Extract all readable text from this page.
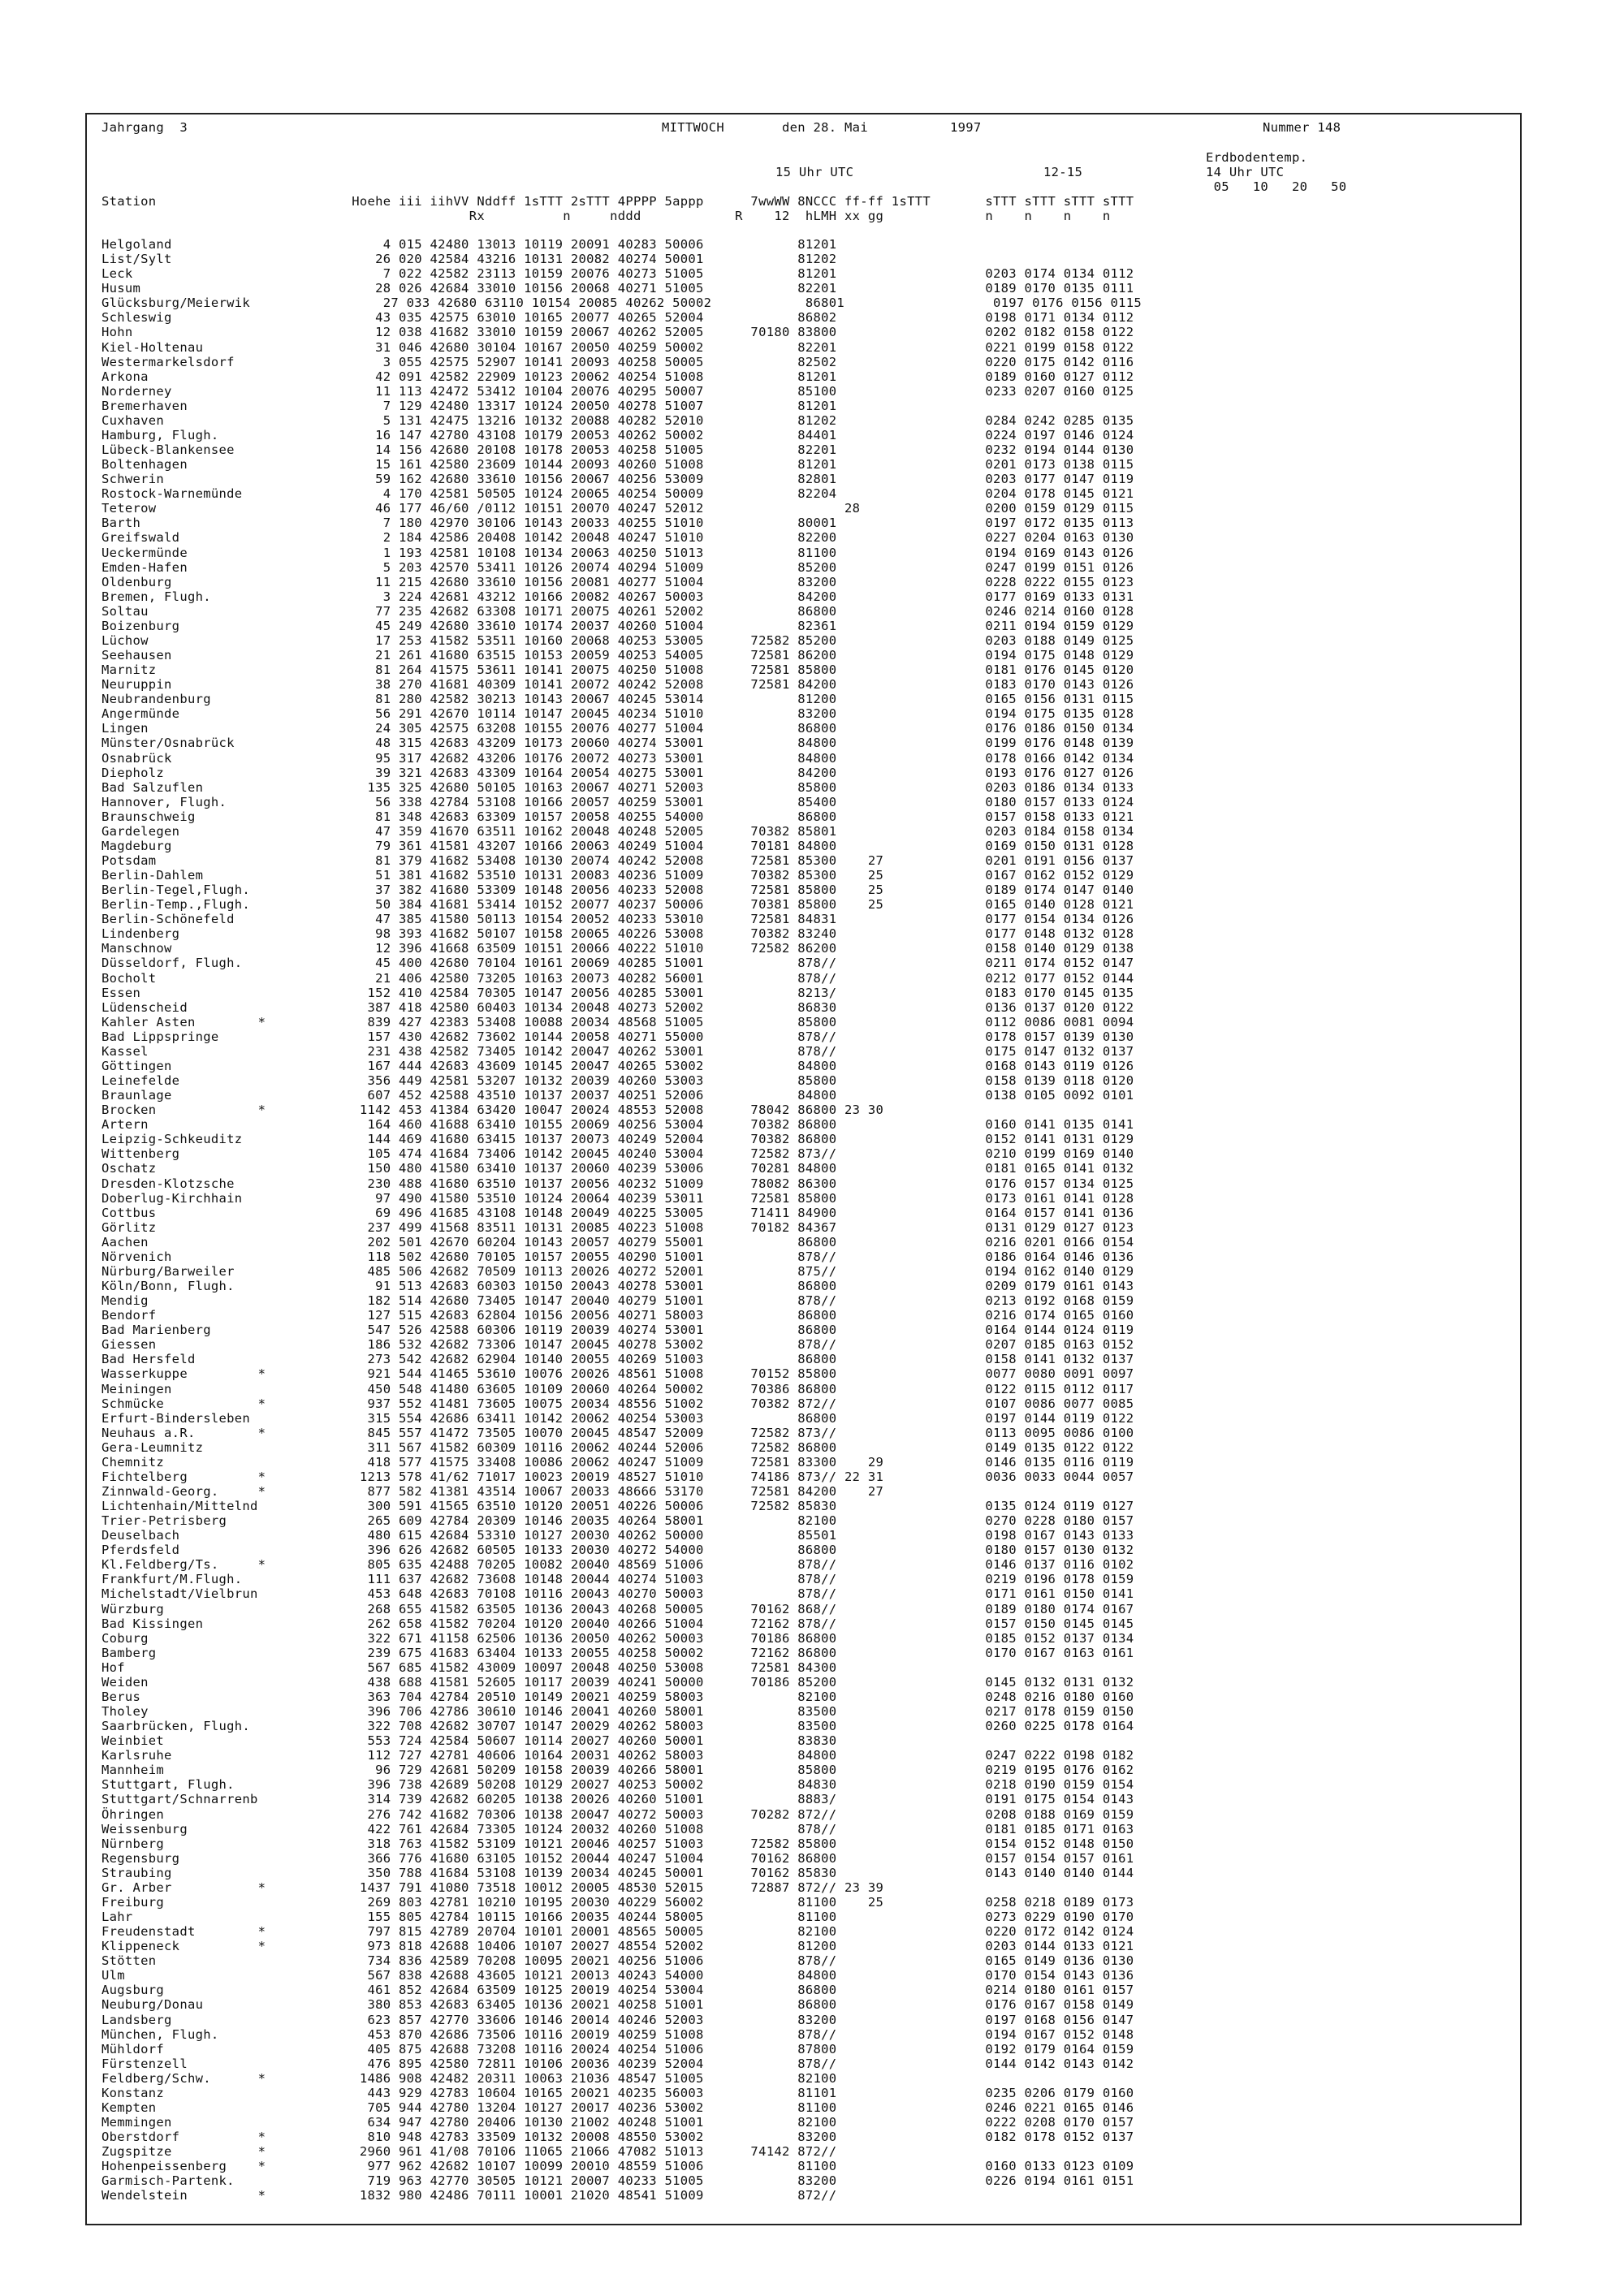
Jahrgang  3	MITTWOCH	den 28. Mai	1997	Nummer 148
15 Uhr UTC	12-15
Erdbodentemp.
14 Uhr UTC
05   10   20   50
Station                         Hoehe iii iihVV Nddff 1sTTT 2sTTT 4PPPP 5appp      7wwWW 8NCCC ff-ff 1sTTT       sTTT sTTT sTTT sTTT
Rx          n     nddd            R    12  hLMH xx gg             n    n    n    n
Helgoland                           4 015 42480 13013 10119 20091 40283 50006            81201
List/Sylt                          26 020 42584 43216 10131 20082 40274 50001            81202
Leck                                7 022 42582 23113 10159 20076 40273 51005            81201                   0203 0174 0134 0112
Husum                              28 026 42684 33010 10156 20068 40271 51005            82201                   0189 0170 0135 0111
Glücksburg/Meierwik                 27 033 42680 63110 10154 20085 40262 50002            86801                   0197 0176 0156 0115
Schleswig                          43 035 42575 63010 10165 20077 40265 52004            86802                   0198 0171 0134 0112
Hohn                               12 038 41682 33010 10159 20067 40262 52005      70180 83800                   0202 0182 0158 0122
Kiel-Holtenau                      31 046 42680 30104 10167 20050 40259 50002            82201                   0221 0199 0158 0122
Westermarkelsdorf                   3 055 42575 52907 10141 20093 40258 50005            82502                   0220 0175 0142 0116
Arkona                             42 091 42582 22909 10123 20062 40254 51008            81201                   0189 0160 0127 0112
Norderney                          11 113 42472 53412 10104 20076 40295 50007            85100                   0233 0207 0160 0125
Bremerhaven                         7 129 42480 13317 10124 20050 40278 51007            81201
Cuxhaven                            5 131 42475 13216 10132 20088 40282 52010            81202                   0284 0242 0285 0135
Hamburg, Flugh.                    16 147 42780 43108 10179 20053 40262 50002            84401                   0224 0197 0146 0124
Lübeck-Blankensee                  14 156 42680 20108 10178 20053 40258 51005            82201                   0232 0194 0144 0130
Boltenhagen                        15 161 42580 23609 10144 20093 40260 51008            81201                   0201 0173 0138 0115
Schwerin                           59 162 42680 33610 10156 20067 40256 53009            82801                   0203 0177 0147 0119
Rostock-Warnemünde                  4 170 42581 50505 10124 20065 40254 50009            82204                   0204 0178 0145 0121
Teterow                            46 177 46/60 /0112 10151 20070 40247 52012                  28                0200 0159 0129 0115
Barth                               7 180 42970 30106 10143 20033 40255 51010            80001                   0197 0172 0135 0113
Greifswald                          2 184 42586 20408 10142 20048 40247 51010            82200                   0227 0204 0163 0130
Ueckermünde                         1 193 42581 10108 10134 20063 40250 51013            81100                   0194 0169 0143 0126
Emden-Hafen                         5 203 42570 53411 10126 20074 40294 51009            85200                   0247 0199 0151 0126
Oldenburg                          11 215 42680 33610 10156 20081 40277 51004            83200                   0228 0222 0155 0123
Bremen, Flugh.                      3 224 42681 43212 10166 20082 40267 50003            84200                   0177 0169 0133 0131
Soltau                             77 235 42682 63308 10171 20075 40261 52002            86800                   0246 0214 0160 0128
Boizenburg                         45 249 42680 33610 10174 20037 40260 51004            82361                   0211 0194 0159 0129
Lüchow                             17 253 41582 53511 10160 20068 40253 53005      72582 85200                   0203 0188 0149 0125
Seehausen                          21 261 41680 63515 10153 20059 40253 54005      72581 86200                   0194 0175 0148 0129
Marnitz                            81 264 41575 53611 10141 20075 40250 51008      72581 85800                   0181 0176 0145 0120
Neuruppin                          38 270 41681 40309 10141 20072 40242 52008      72581 84200                   0183 0170 0143 0126
Neubrandenburg                     81 280 42582 30213 10143 20067 40245 53014            81200                   0165 0156 0131 0115
Angermünde                         56 291 42670 10114 10147 20045 40234 51010            83200                   0194 0175 0135 0128
Lingen                             24 305 42575 63208 10155 20076 40277 51004            86800                   0176 0186 0150 0134
Münster/Osnabrück                  48 315 42683 43209 10173 20060 40274 53001            84800                   0199 0176 0148 0139
Osnabrück                          95 317 42682 43206 10176 20072 40273 53001            84800                   0178 0166 0142 0134
Diepholz                           39 321 42683 43309 10164 20054 40275 53001            84200                   0193 0176 0127 0126
Bad Salzuflen                     135 325 42680 50105 10163 20067 40271 52003            85800                   0203 0186 0134 0133
Hannover, Flugh.                   56 338 42784 53108 10166 20057 40259 53001            85400                   0180 0157 0133 0124
Braunschweig                       81 348 42683 63309 10157 20058 40255 54000            86800                   0157 0158 0133 0121
Gardelegen                         47 359 41670 63511 10162 20048 40248 52005      70382 85801                   0203 0184 0158 0134
Magdeburg                          79 361 41581 43207 10166 20063 40249 51004      70181 84800                   0169 0150 0131 0128
Potsdam                            81 379 41682 53408 10130 20074 40242 52008      72581 85300    27             0201 0191 0156 0137
Berlin-Dahlem                      51 381 41682 53510 10131 20083 40236 51009      70382 85300    25             0167 0162 0152 0129
Berlin-Tegel,Flugh.                37 382 41680 53309 10148 20056 40233 52008      72581 85800    25             0189 0174 0147 0140
Berlin-Temp.,Flugh.                50 384 41681 53414 10152 20077 40237 50006      70381 85800    25             0165 0140 0128 0121
Berlin-Schönefeld                  47 385 41580 50113 10154 20052 40233 53010      72581 84831                   0177 0154 0134 0126
Lindenberg                         98 393 41682 50107 10158 20065 40226 53008      70382 83240                   0177 0148 0132 0128
Manschnow                          12 396 41668 63509 10151 20066 40222 51010      72582 86200                   0158 0140 0129 0138
Düsseldorf, Flugh.                 45 400 42680 70104 10161 20069 40285 51001            878//                   0211 0174 0152 0147
Bocholt                            21 406 42580 73205 10163 20073 40282 56001            878//                   0212 0177 0152 0144
Essen                             152 410 42584 70305 10147 20056 40285 53001            8213/                   0183 0170 0145 0135
Lüdenscheid                       387 418 42580 60403 10134 20048 40273 52002            86830                   0136 0137 0120 0122
Kahler Asten        *             839 427 42383 53408 10088 20034 48568 51005            85800                   0112 0086 0081 0094
Bad Lippspringe                   157 430 42682 73602 10144 20058 40271 55000            878//                   0178 0157 0139 0130
Kassel                            231 438 42582 73405 10142 20047 40262 53001            878//                   0175 0147 0132 0137
Göttingen                         167 444 42683 43609 10145 20047 40265 53002            84800                   0168 0143 0119 0126
Leinefelde                        356 449 42581 53207 10132 20039 40260 53003            85800                   0158 0139 0118 0120
Braunlage                         607 452 42588 43510 10137 20037 40251 52006            84800                   0138 0105 0092 0101
Brocken             *            1142 453 41384 63420 10047 20024 48553 52008      78042 86800 23 30
Artern                            164 460 41688 63410 10155 20069 40256 53004      70382 86800                   0160 0141 0135 0141
Leipzig-Schkeuditz                144 469 41680 63415 10137 20073 40249 52004      70382 86800                   0152 0141 0131 0129
Wittenberg                        105 474 41684 73406 10142 20045 40240 53004      72582 873//                   0210 0199 0169 0140
Oschatz                           150 480 41580 63410 10137 20060 40239 53006      70281 84800                   0181 0165 0141 0132
Dresden-Klotzsche                 230 488 41680 63510 10137 20056 40232 51009      78082 86300                   0176 0157 0134 0125
Doberlug-Kirchhain                 97 490 41580 53510 10124 20064 40239 53011      72581 85800                   0173 0161 0141 0128
Cottbus                            69 496 41685 43108 10148 20049 40225 53005      71411 84900                   0164 0157 0141 0136
Görlitz                           237 499 41568 83511 10131 20085 40223 51008      70182 84367                   0131 0129 0127 0123
Aachen                            202 501 42670 60204 10143 20057 40279 55001            86800                   0216 0201 0166 0154
Nörvenich                         118 502 42680 70105 10157 20055 40290 51001            878//                   0186 0164 0146 0136
Nürburg/Barweiler                 485 506 42682 70509 10113 20026 40272 52001            875//                   0194 0162 0140 0129
Köln/Bonn, Flugh.                  91 513 42683 60303 10150 20043 40278 53001            86800                   0209 0179 0161 0143
Mendig                            182 514 42680 73405 10147 20040 40279 51001            878//                   0213 0192 0168 0159
Bendorf                           127 515 42683 62804 10156 20056 40271 58003            86800                   0216 0174 0165 0160
Bad Marienberg                    547 526 42588 60306 10119 20039 40274 53001            86800                   0164 0144 0124 0119
Giessen                           186 532 42682 73306 10147 20045 40278 53002            878//                   0207 0185 0163 0152
Bad Hersfeld                      273 542 42682 62904 10140 20055 40269 51003            86800                   0158 0141 0132 0137
Wasserkuppe         *             921 544 41465 53610 10076 20026 48561 51008      70152 85800                   0077 0080 0091 0097
Meiningen                         450 548 41480 63605 10109 20060 40264 50002      70386 86800                   0122 0115 0112 0117
Schmücke            *             937 552 41481 73605 10075 20034 48556 51002      70382 872//                   0107 0086 0077 0085
Erfurt-Bindersleben               315 554 42686 63411 10142 20062 40254 53003            86800                   0197 0144 0119 0122
Neuhaus a.R.        *             845 557 41472 73505 10070 20045 48547 52009      72582 873//                   0113 0095 0086 0100
Gera-Leumnitz                     311 567 41582 60309 10116 20062 40244 52006      72582 86800                   0149 0135 0122 0122
Chemnitz                          418 577 41575 33408 10086 20062 40247 51009      72581 83300    29             0146 0135 0116 0119
Fichtelberg         *            1213 578 41/62 71017 10023 20019 48527 51010      74186 873// 22 31             0036 0033 0044 0057
Zinnwald-Georg.     *             877 582 41381 43514 10067 20033 48666 53170      72581 84200    27
Lichtenhain/Mittelnd              300 591 41565 63510 10120 20051 40226 50006      72582 85830                   0135 0124 0119 0127
Trier-Petrisberg                  265 609 42784 20309 10146 20035 40264 58001            82100                   0270 0228 0180 0157
Deuselbach                        480 615 42684 53310 10127 20030 40262 50000            85501                   0198 0167 0143 0133
Pferdsfeld                        396 626 42682 60505 10133 20030 40272 54000            86800                   0180 0157 0130 0132
Kl.Feldberg/Ts.     *             805 635 42488 70205 10082 20040 48569 51006            878//                   0146 0137 0116 0102
Frankfurt/M.Flugh.                111 637 42682 73608 10148 20044 40274 51003            878//                   0219 0196 0178 0159
Michelstadt/Vielbrun              453 648 42683 70108 10116 20043 40270 50003            878//                   0171 0161 0150 0141
Würzburg                          268 655 41582 63505 10136 20043 40268 50005      70162 868//                   0189 0180 0174 0167
Bad Kissingen                     262 658 41582 70204 10120 20040 40266 51004      72162 878//                   0157 0150 0145 0145
Coburg                            322 671 41158 62506 10136 20050 40262 50003      70186 86800                   0185 0152 0137 0134
Bamberg                           239 675 41683 63404 10133 20055 40258 50002      72162 86800                   0170 0167 0163 0161
Hof                               567 685 41582 43009 10097 20048 40250 53008      72581 84300
Weiden                            438 688 41581 52605 10117 20039 40241 50000      70186 85200                   0145 0132 0131 0132
Berus                             363 704 42784 20510 10149 20021 40259 58003            82100                   0248 0216 0180 0160
Tholey                            396 706 42786 30610 10146 20041 40260 58001            83500                   0217 0178 0159 0150
Saarbrücken, Flugh.               322 708 42682 30707 10147 20029 40262 58003            83500                   0260 0225 0178 0164
Weinbiet                          553 724 42584 50607 10114 20027 40260 50001            83830
Karlsruhe                         112 727 42781 40606 10164 20031 40262 58003            84800                   0247 0222 0198 0182
Mannheim                           96 729 42681 50209 10158 20039 40266 58001            85800                   0219 0195 0176 0162
Stuttgart, Flugh.                 396 738 42689 50208 10129 20027 40253 50002            84830                   0218 0190 0159 0154
Stuttgart/Schnarrenb              314 739 42682 60205 10138 20026 40260 51001            8883/                   0191 0175 0154 0143
Öhringen                          276 742 41682 70306 10138 20047 40272 50003      70282 872//                   0208 0188 0169 0159
Weissenburg                       422 761 42684 73305 10124 20032 40260 51008            878//                   0181 0185 0171 0163
Nürnberg                          318 763 41582 53109 10121 20046 40257 51003      72582 85800                   0154 0152 0148 0150
Regensburg                        366 776 41680 63105 10152 20044 40247 51004      70162 86800                   0157 0154 0157 0161
Straubing                         350 788 41684 53108 10139 20034 40245 50001      70162 85830                   0143 0140 0140 0144
Gr. Arber           *            1437 791 41080 73518 10012 20005 48530 52015      72887 872// 23 39
Freiburg                          269 803 42781 10210 10195 20030 40229 56002            81100    25             0258 0218 0189 0173
Lahr                              155 805 42784 10115 10166 20035 40244 58005            81100                   0273 0229 0190 0170
Freudenstadt        *             797 815 42789 20704 10101 20001 48565 50005            82100                   0220 0172 0142 0124
Klippeneck          *             973 818 42688 10406 10107 20027 48554 52002            81200                   0203 0144 0133 0121
Stötten                           734 836 42589 70208 10095 20021 40256 51006            878//                   0165 0149 0136 0130
Ulm                               567 838 42688 43605 10121 20013 40243 54000            84800                   0170 0154 0143 0136
Augsburg                          461 852 42684 63509 10125 20019 40254 53004            86800                   0214 0180 0161 0157
Neuburg/Donau                     380 853 42683 63405 10136 20021 40258 51001            86800                   0176 0167 0158 0149
Landsberg                         623 857 42770 33606 10146 20014 40246 52003            83200                   0197 0168 0156 0147
München, Flugh.                   453 870 42686 73506 10116 20019 40259 51008            878//                   0194 0167 0152 0148
Mühldorf                          405 875 42688 73208 10116 20024 40254 51006            87800                   0192 0179 0164 0159
Fürstenzell                       476 895 42580 72811 10106 20036 40239 52004            878//                   0144 0142 0143 0142
Feldberg/Schw.      *            1486 908 42482 20311 10063 21036 48547 51005            82100
Konstanz                          443 929 42783 10604 10165 20021 40235 56003            81101                   0235 0206 0179 0160
Kempten                           705 944 42780 13204 10127 20017 40236 53002            81100                   0246 0221 0165 0146
Memmingen                         634 947 42780 20406 10130 21002 40248 51001            82100                   0222 0208 0170 0157
Oberstdorf          *             810 948 42783 33509 10132 20008 48550 53002            83200                   0182 0178 0152 0137
Zugspitze           *            2960 961 41/08 70106 11065 21066 47082 51013      74142 872//
Hohenpeissenberg    *             977 962 42682 10107 10099 20010 48559 51006            81100                   0160 0133 0123 0109
Garmisch-Partenk.                 719 963 42770 30505 10121 20007 40233 51005            83200                   0226 0194 0161 0151
Wendelstein         *            1832 980 42486 70111 10001 21020 48541 51009            872//
